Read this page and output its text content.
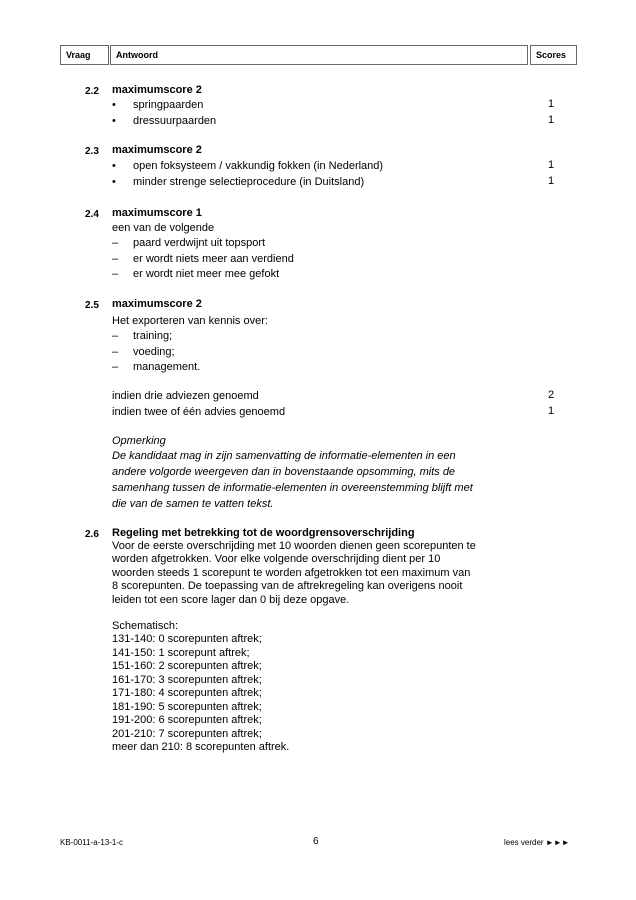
Vraag	Antwoord	Scores
2.2 maximumscore 2
• springpaarden	1
• dressuurpaarden	1
2.3 maximumscore 2
• open foksysteem / vakkundig fokken (in Nederland)	1
• minder strenge selectieprocedure (in Duitsland)	1
2.4 maximumscore 1
een van de volgende
– paard verdwijnt uit topsport
– er wordt niets meer aan verdiend
– er wordt niet meer mee gefokt
2.5 maximumscore 2
Het exporteren van kennis over:
– training;
– voeding;
– management.
indien drie adviezen genoemd	2
indien twee of één advies genoemd	1
Opmerking
De kandidaat mag in zijn samenvatting de informatie-elementen in een
andere volgorde weergeven dan in bovenstaande opsomming, mits de
samenhang tussen de informatie-elementen in overeenstemming blijft met
die van de samen te vatten tekst.
2.6 Regeling met betrekking tot de woordgrensoverschrijding
Voor de eerste overschrijding met 10 woorden dienen geen scorepunten te
worden afgetrokken. Voor elke volgende overschrijding dient per 10
woorden steeds 1 scorepunt te worden afgetrokken tot een maximum van
8 scorepunten. De toepassing van de aftrekregeling kan overigens nooit
leiden tot een score lager dan 0 bij deze opgave.
Schematisch:
131-140: 0 scorepunten aftrek;
141-150: 1 scorepunt aftrek;
151-160: 2 scorepunten aftrek;
161-170: 3 scorepunten aftrek;
171-180: 4 scorepunten aftrek;
181-190: 5 scorepunten aftrek;
191-200: 6 scorepunten aftrek;
201-210: 7 scorepunten aftrek;
meer dan 210: 8 scorepunten aftrek.
KB-0011-a-13-1-c	6	lees verder ►►►
